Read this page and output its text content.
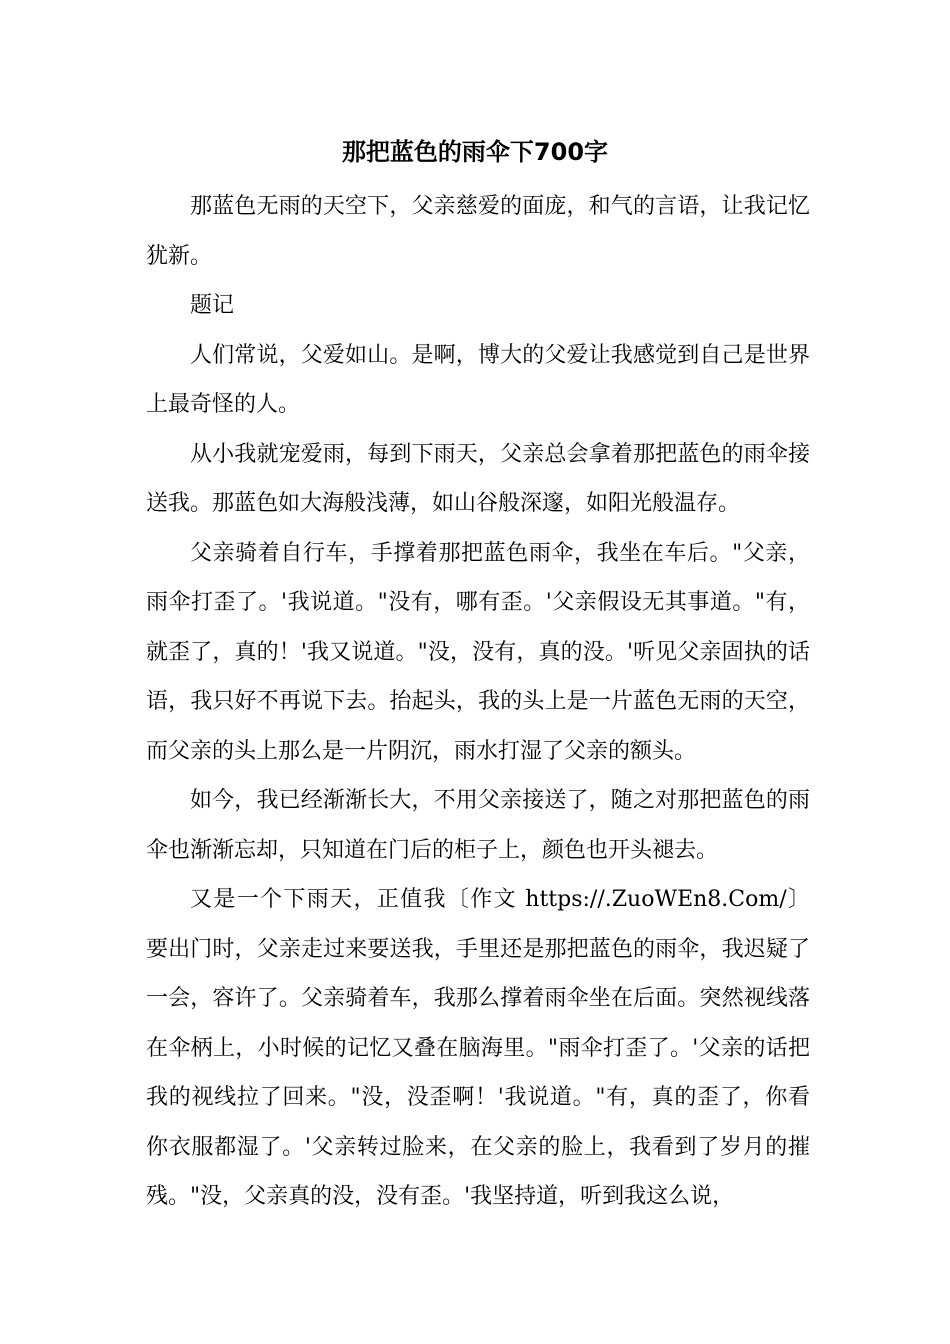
那把蓝色的雨伞下700字

那蓝色无雨的天空下，父亲慈爱的面庞，和气的言语，让我记忆犹新。

题记

人们常说，父爱如山。是啊，博大的父爱让我感觉到自己是世界上最奇怪的人。

从小我就宠爱雨，每到下雨天，父亲总会拿着那把蓝色的雨伞接送我。那蓝色如大海般浅薄，如山谷般深邃，如阳光般温存。

父亲骑着自行车，手撑着那把蓝色雨伞，我坐在车后。"父亲，雨伞打歪了。'我说道。"没有，哪有歪。'父亲假设无其事道。"有，就歪了，真的！'我又说道。"没，没有，真的没。'听见父亲固执的话语，我只好不再说下去。抬起头，我的头上是一片蓝色无雨的天空，而父亲的头上那么是一片阴沉，雨水打湿了父亲的额头。

如今，我已经渐渐长大，不用父亲接送了，随之对那把蓝色的雨伞也渐渐忘却，只知道在门后的柜子上，颜色也开头褪去。

又是一个下雨天，正值我〔作文 https://.ZuoWEn8.Com/〕要出门时，父亲走过来要送我，手里还是那把蓝色的雨伞，我迟疑了一会，容许了。父亲骑着车，我那么撑着雨伞坐在后面。突然视线落在伞柄上，小时候的记忆又叠在脑海里。"雨伞打歪了。'父亲的话把我的视线拉了回来。"没，没歪啊！'我说道。"有，真的歪了，你看你衣服都湿了。'父亲转过脸来，在父亲的脸上，我看到了岁月的摧残。"没，父亲真的没，没有歪。'我坚持道，听到我这么说，
